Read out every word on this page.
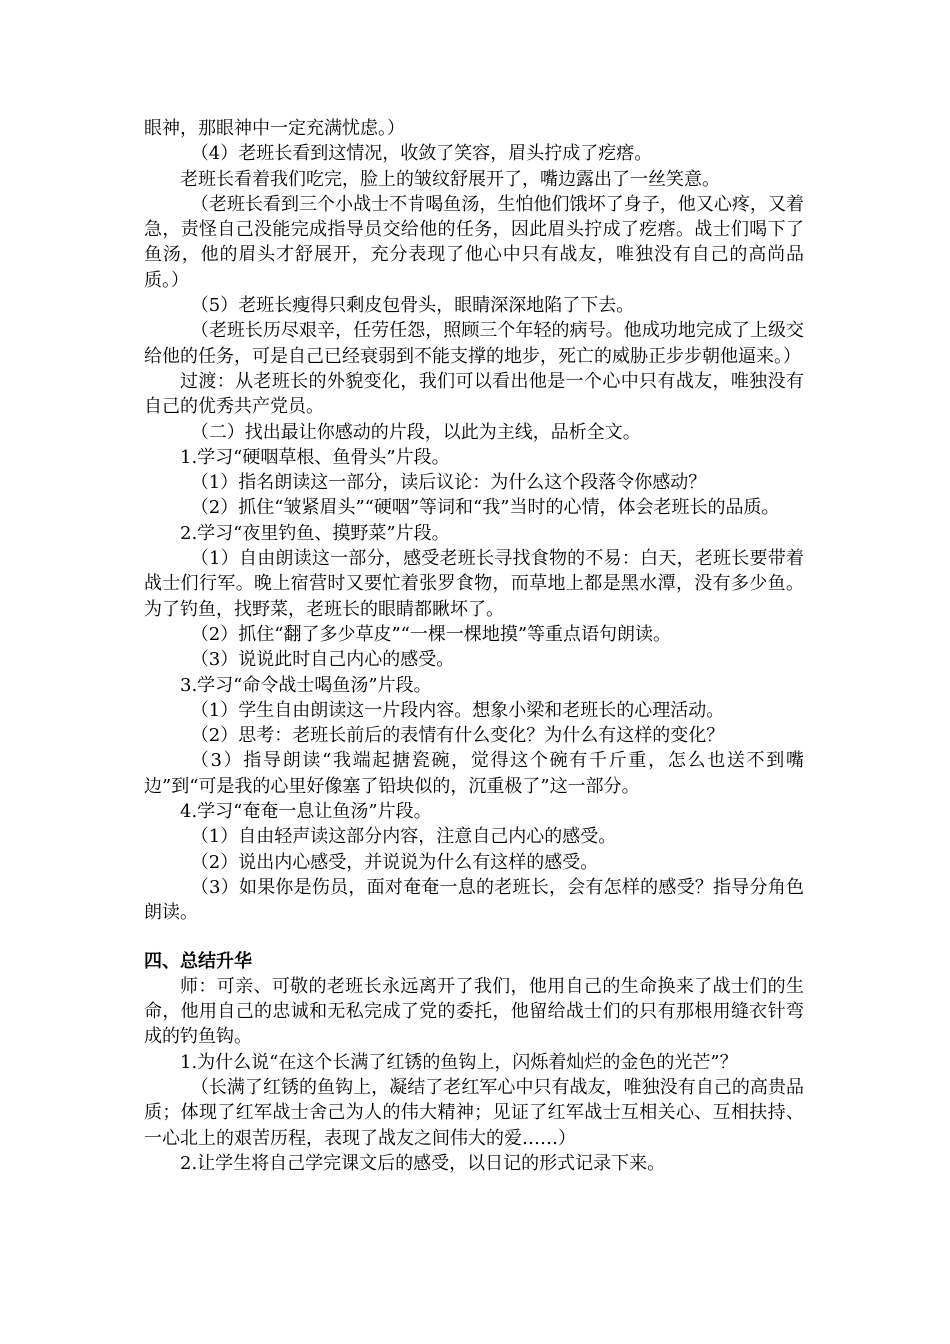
眼神，那眼神中一定充满忧虑。）

（4）老班长看到这情况，收敛了笑容，眉头拧成了疙瘩。

老班长看着我们吃完，脸上的皱纹舒展开了，嘴边露出了一丝笑意。

（老班长看到三个小战士不肯喝鱼汤，生怕他们饿坏了身子，他又心疼，又着急，责怪自己没能完成指导员交给他的任务，因此眉头拧成了疙瘩。战士们喝下了鱼汤，他的眉头才舒展开，充分表现了他心中只有战友，唯独没有自己的高尚品质。）

（5）老班长瘦得只剩皮包骨头，眼睛深深地陷了下去。

（老班长历尽艰辛，任劳任怨，照顾三个年轻的病号。他成功地完成了上级交给他的任务，可是自己已经衰弱到不能支撑的地步，死亡的威胁正步步朝他逼来。）

过渡：从老班长的外貌变化，我们可以看出他是一个心中只有战友，唯独没有自己的优秀共产党员。

（二）找出最让你感动的片段，以此为主线，品析全文。

1.学习“硬咽草根、鱼骨头”片段。

（1）指名朗读这一部分，读后议论：为什么这个段落令你感动？

（2）抓住“皱紧眉头”“硬咽”等词和“我”当时的心情，体会老班长的品质。

2.学习“夜里钓鱼、摸野菜”片段。

（1）自由朗读这一部分，感受老班长寻找食物的不易：白天，老班长要带着战士们行军。晚上宿营时又要忙着张罗食物，而草地上都是黑水潭，没有多少鱼。为了钓鱼，找野菜，老班长的眼睛都瞅坏了。

（2）抓住“翻了多少草皮”“一棵一棵地摸”等重点语句朗读。

（3）说说此时自己内心的感受。

3.学习“命令战士喝鱼汤”片段。

（1）学生自由朗读这一片段内容。想象小梁和老班长的心理活动。

（2）思考：老班长前后的表情有什么变化？为什么有这样的变化？

（3）指导朗读“我端起搪瓷碗，觉得这个碗有千斤重，怎么也送不到嘴边”到“可是我的心里好像塞了铅块似的，沉重极了”这一部分。

4.学习“奄奄一息让鱼汤”片段。

（1）自由轻声读这部分内容，注意自己内心的感受。

（2）说出内心感受，并说说为什么有这样的感受。

（3）如果你是伤员，面对奄奄一息的老班长，会有怎样的感受？指导分角色朗读。

四、总结升华

师：可亲、可敬的老班长永远离开了我们，他用自己的生命换来了战士们的生命，他用自己的忠诚和无私完成了党的委托，他留给战士们的只有那根用缝衣针弯成的钓鱼钩。

1.为什么说“在这个长满了红锈的鱼钩上，闪烁着灿烂的金色的光芒”？

（长满了红锈的鱼钩上，凝结了老红军心中只有战友，唯独没有自己的高贵品质；体现了红军战士舍己为人的伟大精神；见证了红军战士互相关心、互相扶持、一心北上的艰苦历程，表现了战友之间伟大的爱……）

2.让学生将自己学完课文后的感受，以日记的形式记录下来。
